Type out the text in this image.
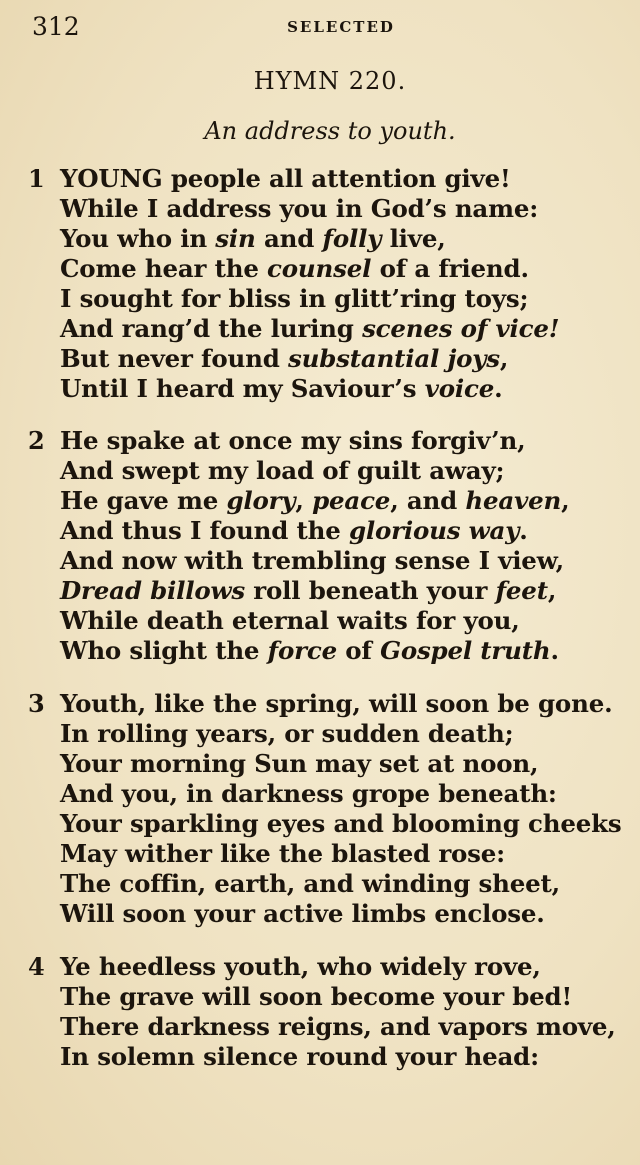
312	SELECTED
HYMN 220.
An address to youth.
1 YOUNG people all attention give!
While I address you in God’s name:
You who in sin and folly live,
Come hear the counsel of a friend.
I sought for bliss in glitt’ring toys;
And rang’d the luring scenes of vice!
But never found substantial joys,
Until I heard my Saviour’s voice.
2 He spake at once my sins forgiv’n,
And swept my load of guilt away;
He gave me glory, peace, and heaven,
And thus I found the glorious way.
And now with trembling sense I view,
Dread billows roll beneath your feet,
While death eternal waits for you,
Who slight the force of Gospel truth.
3 Youth, like the spring, will soon be gone.
In rolling years, or sudden death;
Your morning Sun may set at noon,
And you, in darkness grope beneath:
Your sparkling eyes and blooming cheeks
May wither like the blasted rose:
The coffin, earth, and winding sheet,
Will soon your active limbs enclose.
4 Ye heedless youth, who widely rove,
The grave will soon become your bed!
There darkness reigns, and vapors move,
In solemn silence round your head:
